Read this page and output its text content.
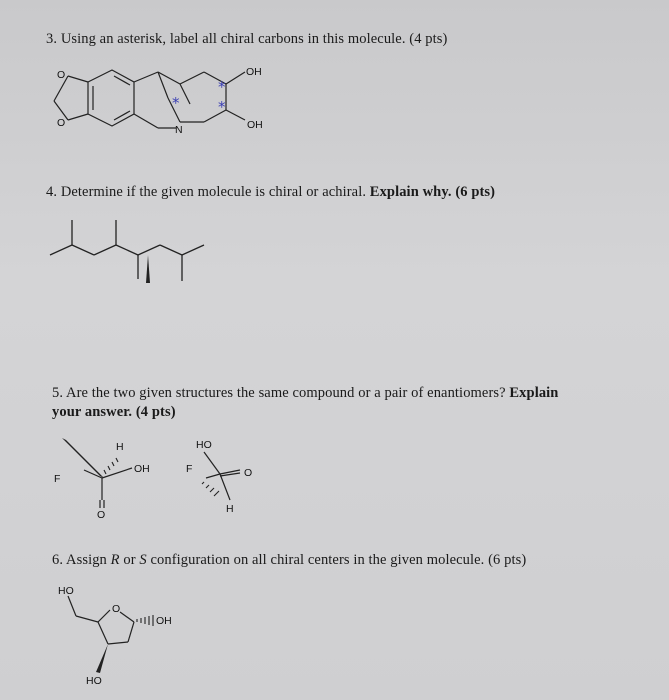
3. Using an asterisk, label all chiral carbons in this molecule. (4 pts)
O
O
N
OH
OH
*
*	*
4. Determine if the given molecule is chiral or achiral. Explain why. (6 pts)
5. Are the two given structures the same compound or a pair of enantiomers? Explain
your answer. (4 pts)
H
OH
F
O
HO
F	O
H
6. Assign R or S configuration on all chiral centers in the given molecule. (6 pts)
HO
O
OH
HO
